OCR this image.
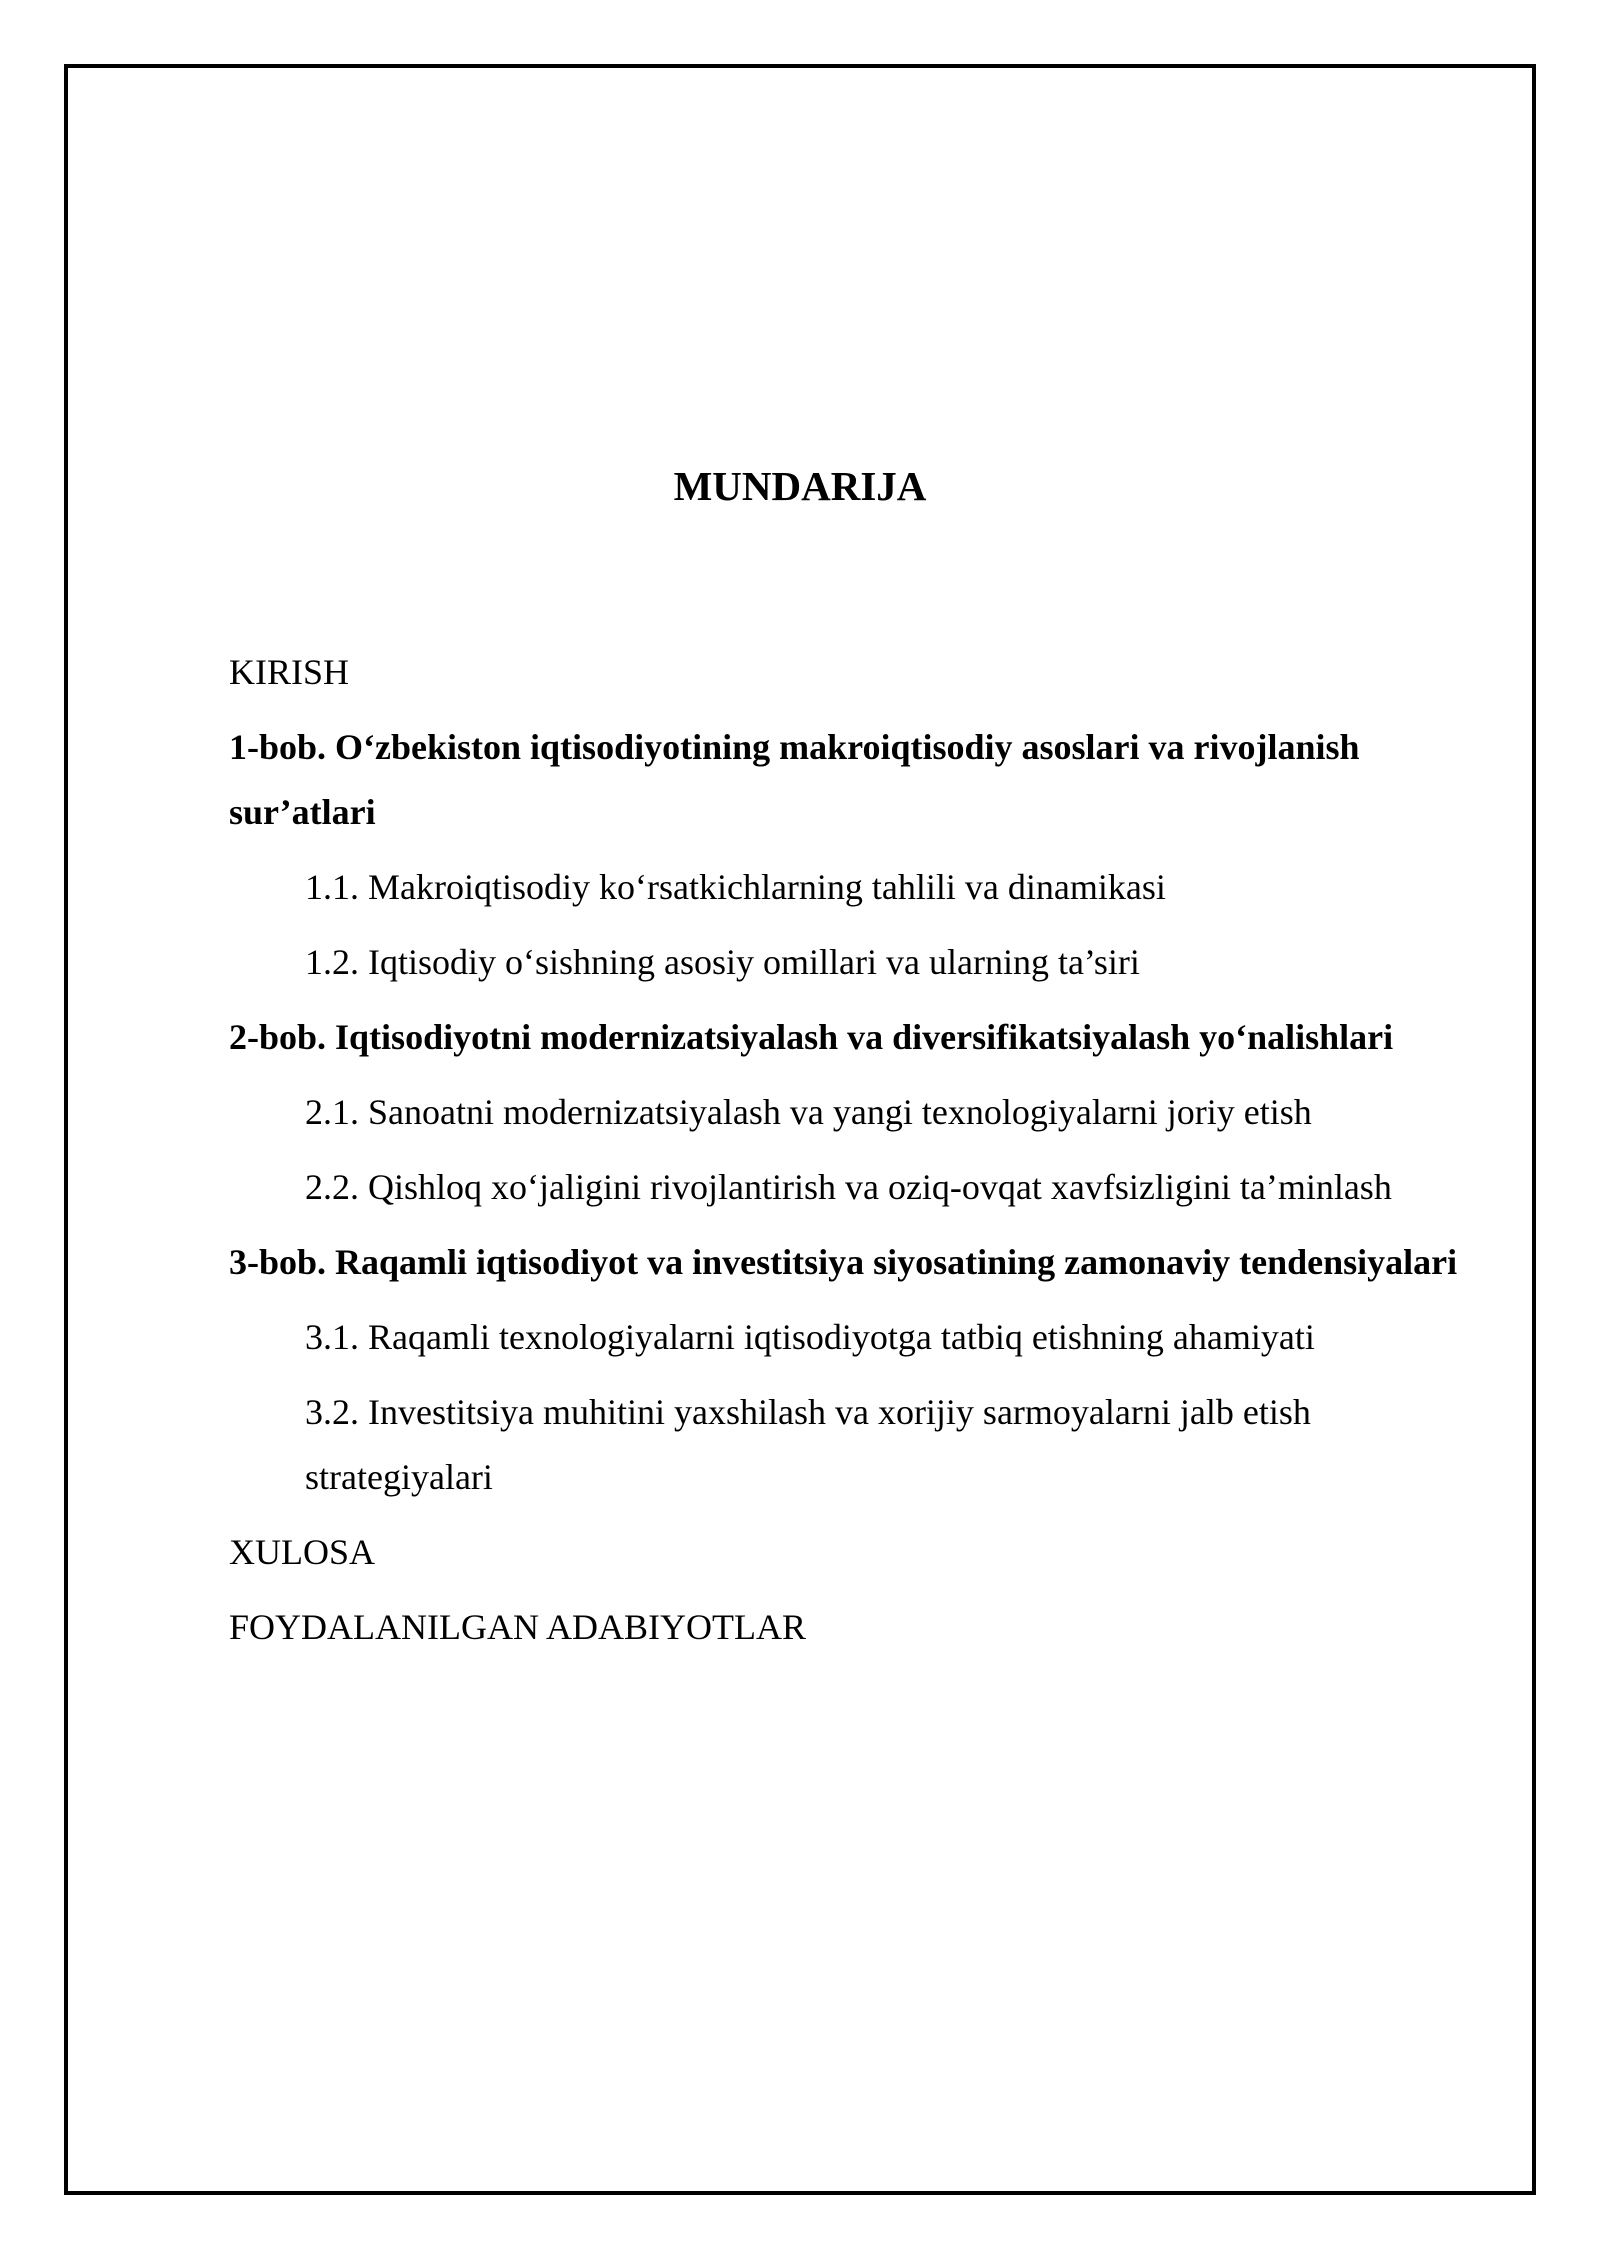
MUNDARIJA
KIRISH
1-bob. O‘zbekiston iqtisodiyotining makroiqtisodiy asoslari va rivojlanish sur’atlari
1.1. Makroiqtisodiy ko‘rsatkichlarning tahlili va dinamikasi
1.2. Iqtisodiy o‘sishning asosiy omillari va ularning ta’siri
2-bob. Iqtisodiyotni modernizatsiyalash va diversifikatsiyalash yo‘nalishlari
2.1. Sanoatni modernizatsiyalash va yangi texnologiyalarni joriy etish
2.2. Qishloq xo‘jaligini rivojlantirish va oziq-ovqat xavfsizligini ta’minlash
3-bob. Raqamli iqtisodiyot va investitsiya siyosatining zamonaviy tendensiyalari
3.1. Raqamli texnologiyalarni iqtisodiyotga tatbiq etishning ahamiyati
3.2. Investitsiya muhitini yaxshilash va xorijiy sarmoyalarni jalb etish strategiyalari
XULOSA
FOYDALANILGAN ADABIYOTLAR
